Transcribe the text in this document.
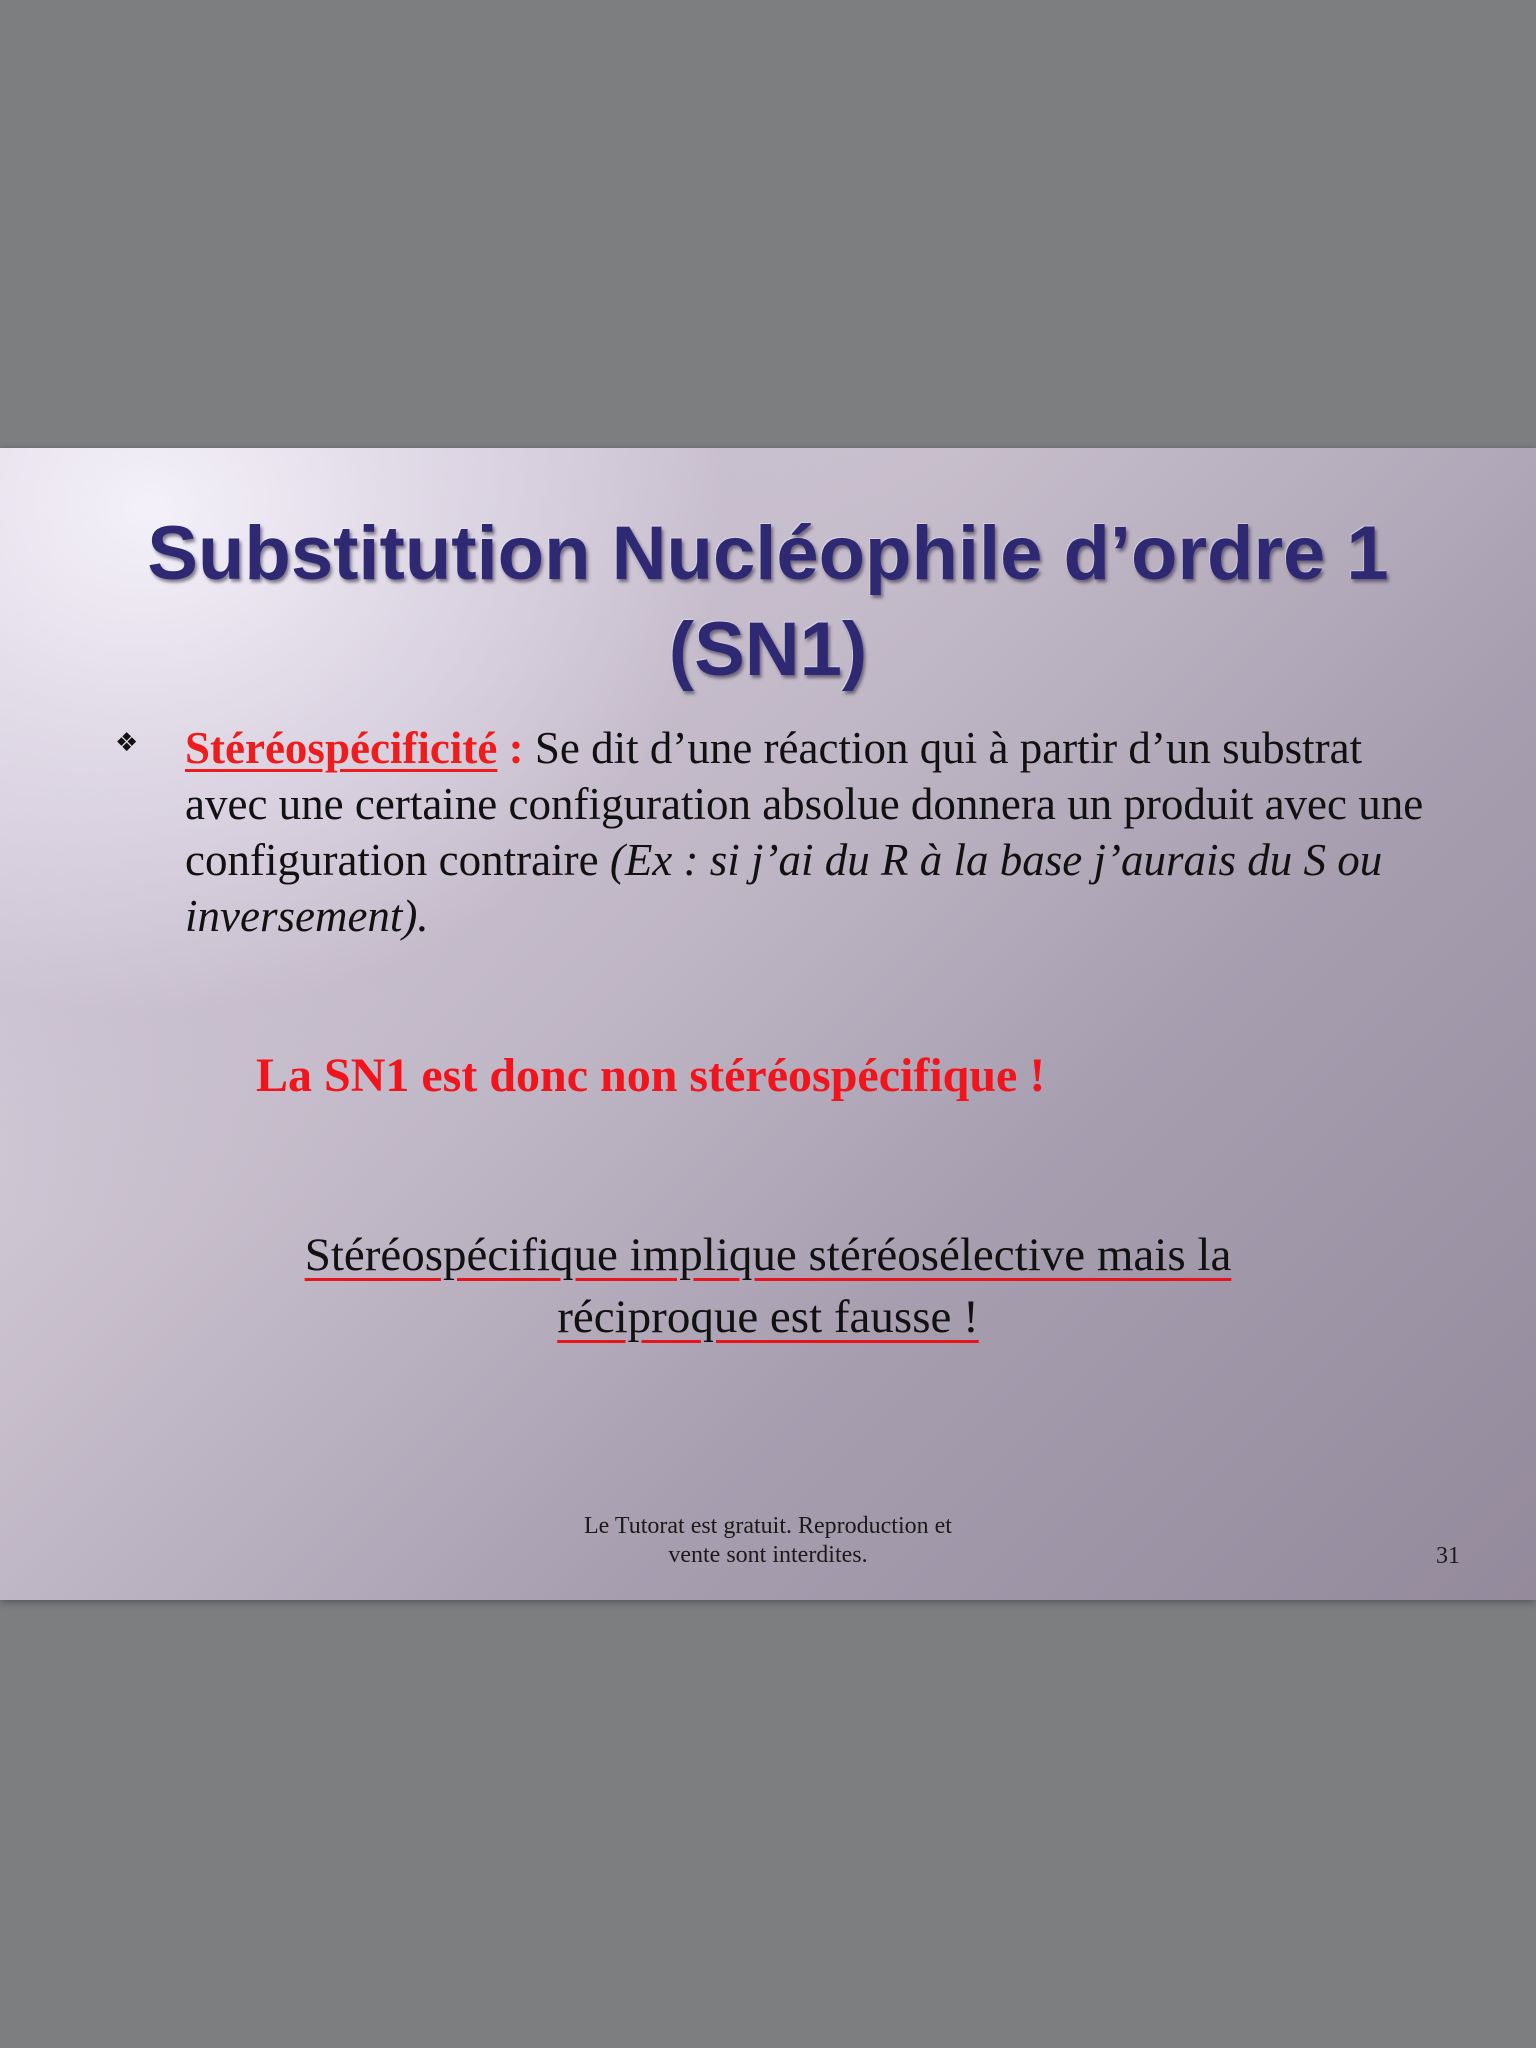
Substitution Nucléophile d’ordre 1
(SN1)
❖ Stéréospécificité : Se dit d’une réaction qui à partir d’un substrat avec une certaine configuration absolue donnera un produit avec une configuration contraire (Ex : si j’ai du R à la base j’aurais du S ou inversement).
La SN1 est donc non stéréospécifique !
Stéréospécifique implique stéréosélective mais la
réciproque est fausse !
Le Tutorat est gratuit. Reproduction et
vente sont interdites.	31
